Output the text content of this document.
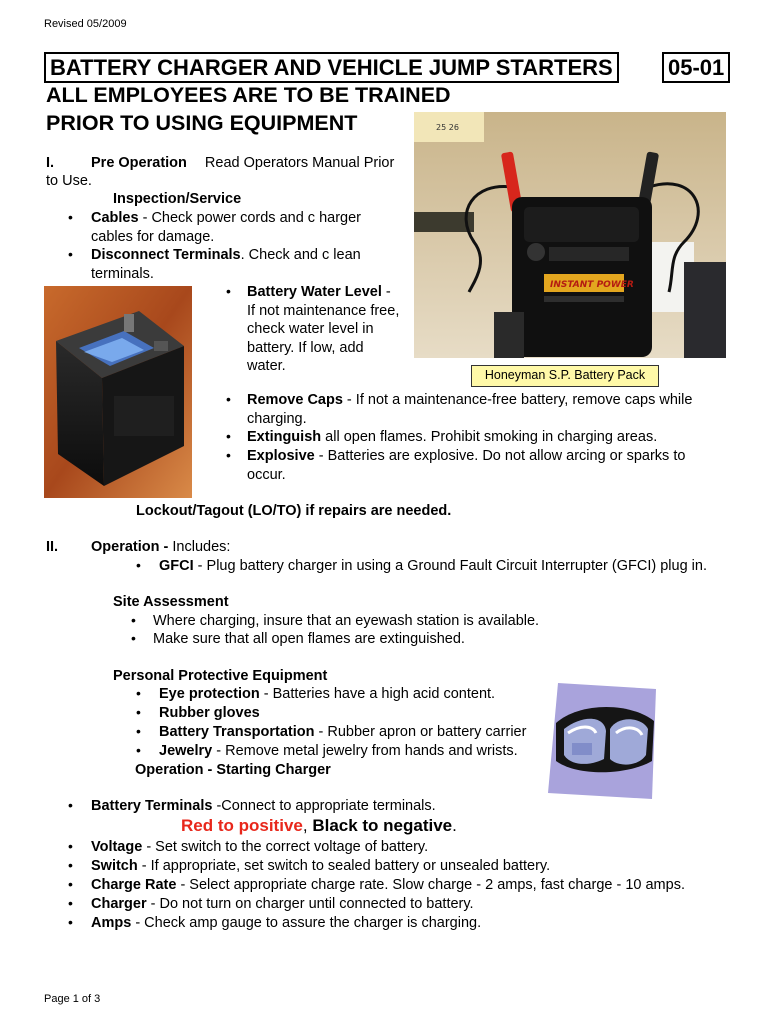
Revised 05/2009
BATTERY CHARGER AND VEHICLE JUMP STARTERS	05-01
ALL EMPLOYEES ARE TO BE TRAINED
PRIOR TO USING EQUIPMENT
I.	Pre Operation Read Operators Manual Prior
to Use.
Inspection/Service
• Cables - Check power cords and c harger
cables for damage.
• Disconnect Terminals. Check and c lean
terminals.
• Battery Water Level -
If not maintenance free,
check water level in
battery. If low, add
water.
25 26
INSTANT POWER
Honeyman S.P. Battery Pack
• Remove Caps - If not a maintenance-free battery, remove caps while
charging.
• Extinguish all open flames. Prohibit smoking in charging areas.
• Explosive - Batteries are explosive. Do not allow arcing or sparks to
occur.
Lockout/Tagout (LO/TO) if repairs are needed.
II. Operation - Includes:
• GFCI - Plug battery charger in using a Ground Fault Circuit Interrupter (GFCI) plug in.
Site Assessment
• Where charging, insure that an eyewash station is available.
• Make sure that all open flames are extinguished.
Personal Protective Equipment
• Eye protection - Batteries have a high acid content.
• Rubber gloves
• Battery Transportation - Rubber apron or battery carrier
• Jewelry - Remove metal jewelry from hands and wrists.
Operation - Starting Charger
• Battery Terminals -Connect to appropriate terminals.
Red to positive, Black to negative.
• Voltage - Set switch to the correct voltage of battery.
• Switch - If appropriate, set switch to sealed battery or unsealed battery.
• Charge Rate - Select appropriate charge rate. Slow charge - 2 amps, fast charge - 10 amps.
• Charger - Do not turn on charger until connected to battery.
• Amps - Check amp gauge to assure the charger is charging.
Page 1 of 3
